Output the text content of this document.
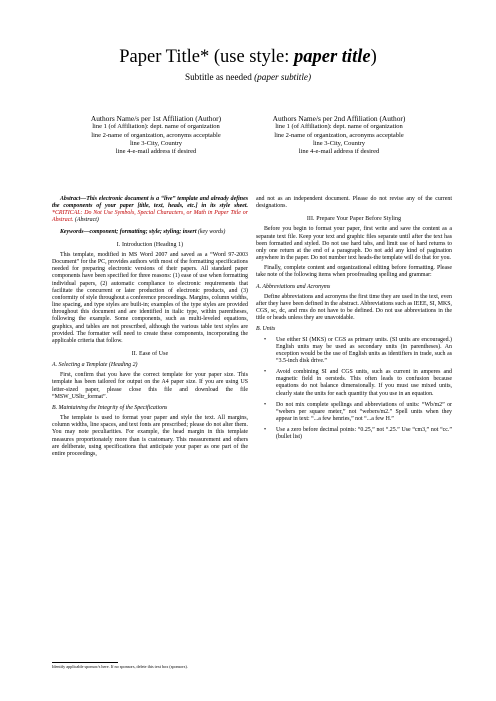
Paper Title* (use style: paper title)
Subtitle as needed (paper subtitle)
Authors Name/s per 1st Affiliation (Author)
line 1 (of Affiliation): dept. name of organization
line 2-name of organization, acronyms acceptable
line 3-City, Country
line 4-e-mail address if desired
Authors Name/s per 2nd Affiliation (Author)
line 1 (of Affiliation): dept. name of organization
line 2-name of organization, acronyms acceptable
line 3-City, Country
line 4-e-mail address if desired

Abstract—This electronic document is a “live” template and already defines the components of your paper [title, text, heads, etc.] in its style sheet. *CRITICAL: Do Not Use Symbols, Special Characters, or Math in Paper Title or Abstract. (Abstract)

Keywords—component; formatting; style; styling; insert (key words)

I. Introduction (Heading 1)

This template, modified in MS Word 2007 and saved as a “Word 97-2003 Document” for the PC, provides authors with most of the formatting specifications needed for preparing electronic versions of their papers. All standard paper components have been specified for three reasons: (1) ease of use when formatting individual papers, (2) automatic compliance to electronic requirements that facilitate the concurrent or later production of electronic products, and (3) conformity of style throughout a conference proceedings. Margins, column widths, line spacing, and type styles are built-in; examples of the type styles are provided throughout this document and are identified in italic type, within parentheses, following the example. Some components, such as multi-leveled equations, graphics, and tables are not prescribed, although the various table text styles are provided. The formatter will need to create these components, incorporating the applicable criteria that follow.

II. Ease of Use
A. Selecting a Template (Heading 2)

First, confirm that you have the correct template for your paper size. This template has been tailored for output on the A4 paper size. If you are using US letter-sized paper, please close this file and download the file “MSW_USltr_format”.

B. Maintaining the Integrity of the Specifications

The template is used to format your paper and style the text. All margins, column widths, line spaces, and text fonts are prescribed; please do not alter them. You may note peculiarities. For example, the head margin in this template measures proportionately more than is customary. This measurement and others are deliberate, using specifications that anticipate your paper as one part of the entire proceedings,

and not as an independent document. Please do not revise any of the current designations.

III. Prepare Your Paper Before Styling

Before you begin to format your paper, first write and save the content as a separate text file. Keep your text and graphic files separate until after the text has been formatted and styled. Do not use hard tabs, and limit use of hard returns to only one return at the end of a paragraph. Do not add any kind of pagination anywhere in the paper. Do not number text heads-the template will do that for you.

Finally, complete content and organizational editing before formatting. Please take note of the following items when proofreading spelling and grammar:

A. Abbreviations and Acronyms

Define abbreviations and acronyms the first time they are used in the text, even after they have been defined in the abstract. Abbreviations such as IEEE, SI, MKS, CGS, sc, dc, and rms do not have to be defined. Do not use abbreviations in the title or heads unless they are unavoidable.

B. Units
• Use either SI (MKS) or CGS as primary units. (SI units are encouraged.) English units may be used as secondary units (in parentheses). An exception would be the use of English units as identifiers in trade, such as “3.5-inch disk drive.”
• Avoid combining SI and CGS units, such as current in amperes and magnetic field in oersteds. This often leads to confusion because equations do not balance dimensionally. If you must use mixed units, clearly state the units for each quantity that you use in an equation.
• Do not mix complete spellings and abbreviations of units: “Wb/m2” or “webers per square meter,” not “webers/m2.” Spell units when they appear in text: “...a few henries,” not “...a few H.”
• Use a zero before decimal points: “0.25,” not “.25.” Use “cm3,” not “cc.” (bullet list)
Identify applicable sponsor/s here. If no sponsors, delete this text box (sponsors).
